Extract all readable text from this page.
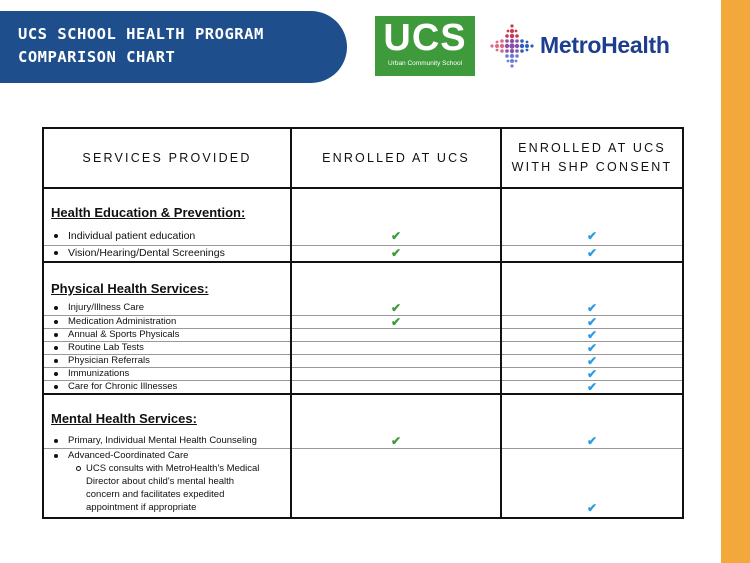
UCS SCHOOL HEALTH PROGRAM
COMPARISON CHART	UCS
Urban Community School
MetroHealth
SERVICES PROVIDED	ENROLLED AT UCS	ENROLLED AT UCS
WITH SHP CONSENT

Health Education & Prevention:		

Individual patient education	✔	✔

Vision/Hearing/Dental Screenings	✔	✔

Physical Health Services:		

Injury/Illness Care	✔	✔

Medication Administration	✔	✔

Annual & Sports Physicals		✔

Routine Lab Tests		✔

Physician Referrals		✔

Immunizations		✔

Care for Chronic Illnesses		✔

Mental Health Services:		

Primary, Individual Mental Health Counseling	✔	✔

Advanced-Coordinated Care
UCS consults with MetroHealth's Medical
Director about child's mental health
concern and facilitates expedited
appointment if appropriate		✔
